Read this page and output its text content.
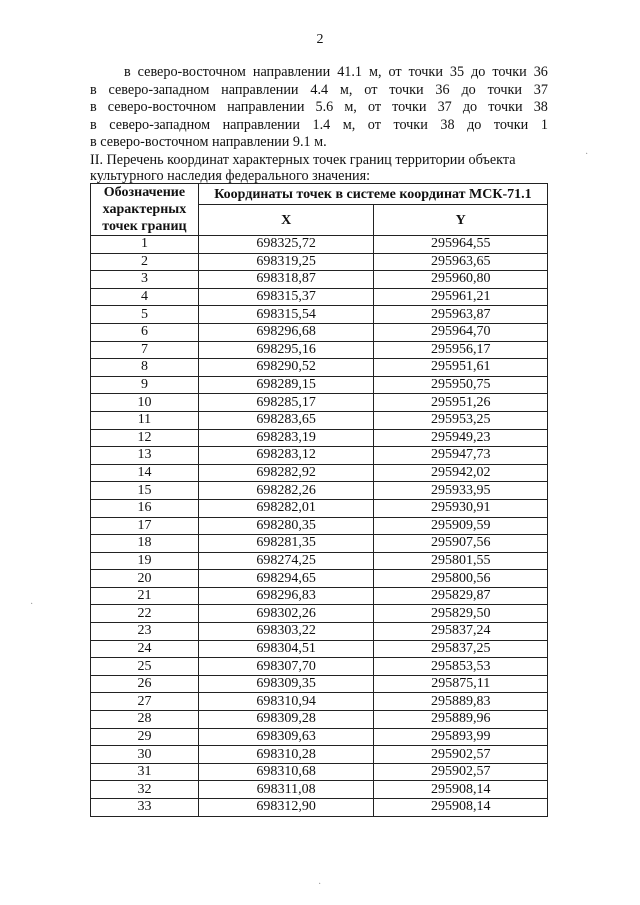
2
в северо-восточном направлении 41.1 м, от точки 35 до точки 36
в северо-западном направлении 4.4 м, от точки 36 до точки 37
в северо-восточном направлении 5.6 м, от точки 37 до точки 38
в северо-западном направлении 1.4 м, от точки 38 до точки 1
в северо-восточном направлении 9.1 м.
II. Перечень координат характерных точек границ территории объекта культурного наследия федерального значения:
Обозначение характерных точек границ	Координаты точек в системе координат МСК-71.1	
	X	Y
1	698325,72	295964,55
2	698319,25	295963,65
3	698318,87	295960,80
4	698315,37	295961,21
5	698315,54	295963,87
6	698296,68	295964,70
7	698295,16	295956,17
8	698290,52	295951,61
9	698289,15	295950,75
10	698285,17	295951,26
11	698283,65	295953,25
12	698283,19	295949,23
13	698283,12	295947,73
14	698282,92	295942,02
15	698282,26	295933,95
16	698282,01	295930,91
17	698280,35	295909,59
18	698281,35	295907,56
19	698274,25	295801,55
20	698294,65	295800,56
21	698296,83	295829,87
22	698302,26	295829,50
23	698303,22	295837,24
24	698304,51	295837,25
25	698307,70	295853,53
26	698309,35	295875,11
27	698310,94	295889,83
28	698309,28	295889,96
29	698309,63	295893,99
30	698310,28	295902,57
31	698310,68	295902,57
32	698311,08	295908,14
33	698312,90	295908,14
·
·
·
